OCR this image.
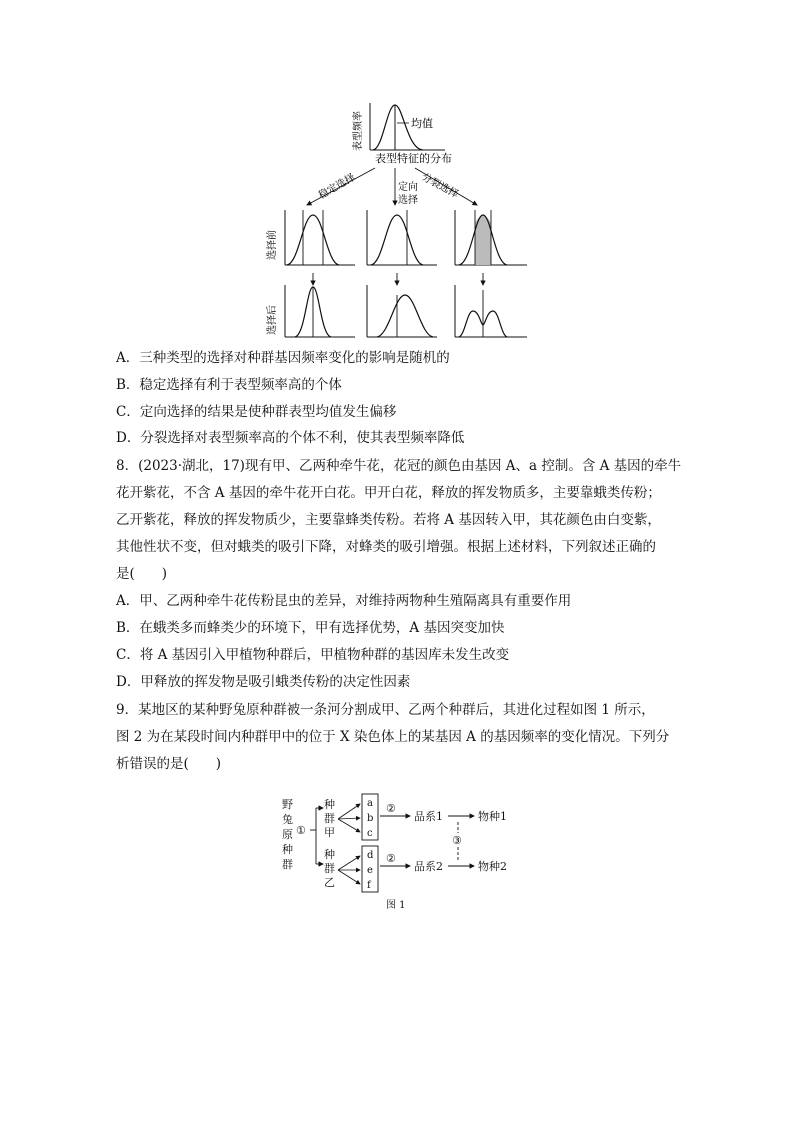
均值
表型频率
表型特征的分布
稳定选择	定向
选择
分裂选择
选择前
选择后
A．三种类型的选择对种群基因频率变化的影响是随机的
B．稳定选择有利于表型频率高的个体
C．定向选择的结果是使种群表型均值发生偏移
D．分裂选择对表型频率高的个体不利，使其表型频率降低
8．(2023·湖北，17)现有甲、乙两种牵牛花，花冠的颜色由基因 A、a 控制。含 A 基因的牵牛
花开紫花，不含 A 基因的牵牛花开白花。甲开白花，释放的挥发物质多，主要靠蛾类传粉；
乙开紫花，释放的挥发物质少，主要靠蜂类传粉。若将 A 基因转入甲，其花颜色由白变紫，
其他性状不变，但对蛾类的吸引下降，对蜂类的吸引增强。根据上述材料，下列叙述正确的
是(　　)
A．甲、乙两种牵牛花传粉昆虫的差异，对维持两物种生殖隔离具有重要作用
B．在蛾类多而蜂类少的环境下，甲有选择优势，A 基因突变加快
C．将 A 基因引入甲植物种群后，甲植物种群的基因库未发生改变
D．甲释放的挥发物是吸引蛾类传粉的决定性因素
9．某地区的某种野兔原种群被一条河分割成甲、乙两个种群后，其进化过程如图 1 所示，
图 2 为在某段时间内种群甲中的位于 X 染色体上的某基因 A 的基因频率的变化情况。下列分
析错误的是(　　)
野
兔
原
种
群
①
种
群
甲
种
群
乙
a
b
c
d
e
f
②
②
品系1
品系2
③
物种1
物种2
图 1
